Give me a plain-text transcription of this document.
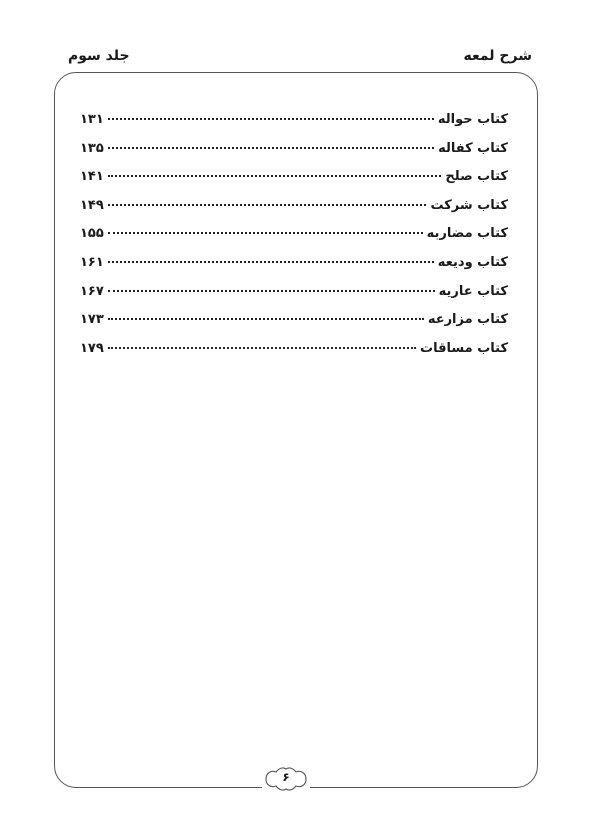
شرح لمعه
جلد سوم
کتاب حواله
۱۳۱
کتاب کفاله
۱۳۵
کتاب صلح
۱۴۱
کتاب شرکت
۱۴۹
کتاب مضاربه
۱۵۵
کتاب ودیعه
۱۶۱
کتاب عاریه
۱۶۷
کتاب مزارعه
۱۷۳
کتاب مساقات
۱۷۹
۶
